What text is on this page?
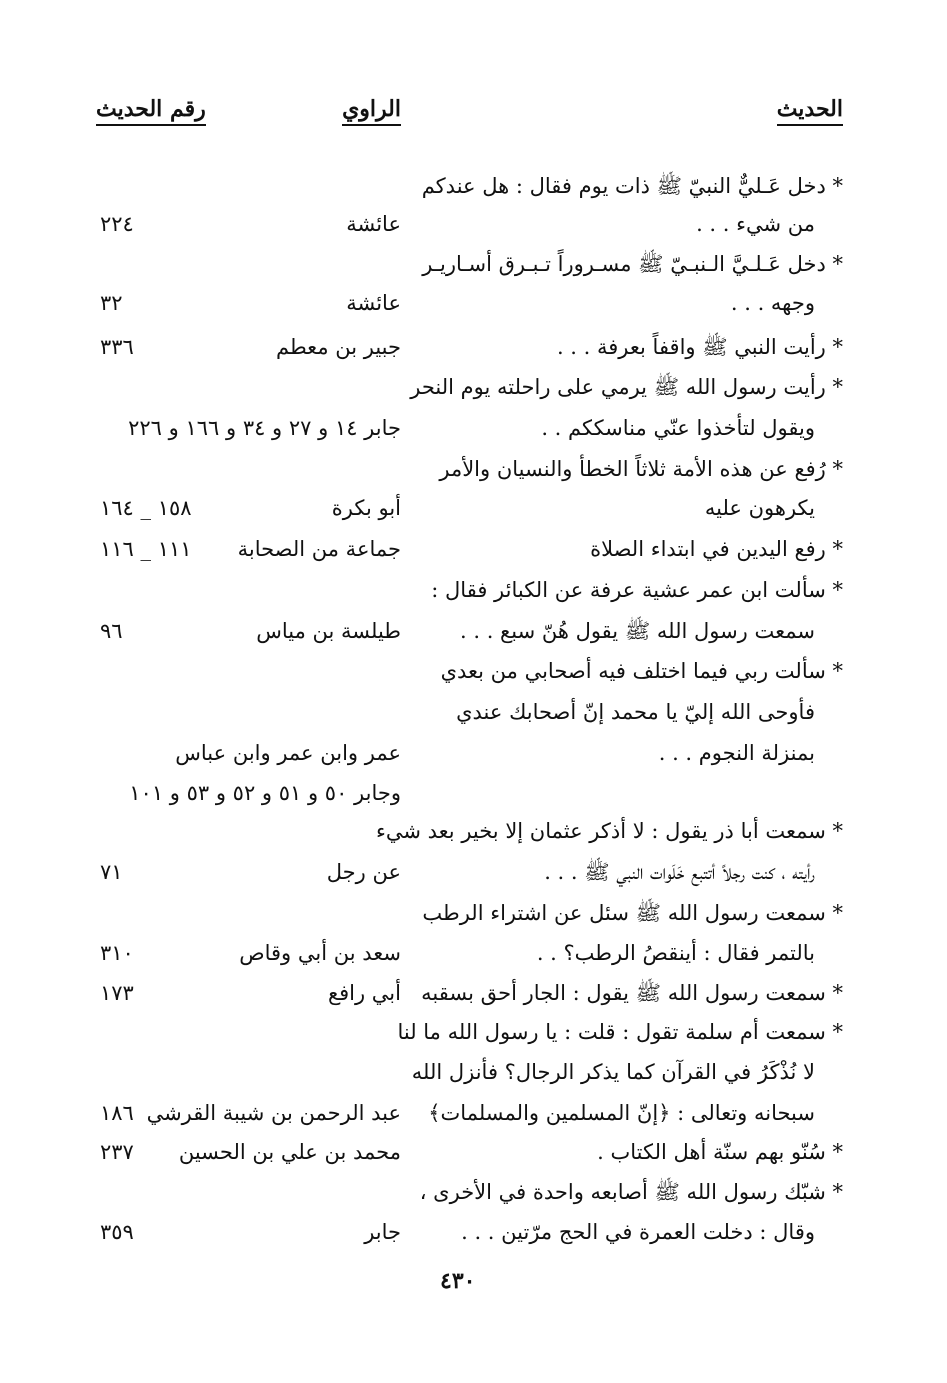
الحديث
الراوي
رقم الحديث
* دخل عَـليٌّ النبيّ ﷺ ذات يوم فقال : هل عندكم
من شيء . . .
عائشة
٢٢٤
* دخل عَـلـيَّ الـنبـيّ ﷺ مسـروراً تـبـرق أسـاريـر
وجهه . . .
عائشة
٣٢
* رأيت النبي ﷺ واقفاً بعرفة . . .
جبير بن معطم
٣٣٦
* رأيت رسول الله ﷺ يرمي على راحلته يوم النحر
ويقول لتأخذوا عنّي مناسككم . .
جابر ١٤ و ٢٧ و ٣٤ و ١٦٦ و ٢٢٦
* رُفع عن هذه الأمة ثلاثاً الخطأ والنسيان والأمر
يكرهون عليه
أبو بكرة
١٥٨ _ ١٦٤
* رفع اليدين في ابتداء الصلاة
جماعة من الصحابة
١١١ _ ١١٦
* سألت ابن عمر عشية عرفة عن الكبائر فقال :
سمعت رسول الله ﷺ يقول هُنّ سبع . . .
طيلسة بن مياس
٩٦
* سألت ربي فيما اختلف فيه أصحابي من بعدي
فأوحى الله إليّ يا محمد إنّ أصحابك عندي
بمنزلة النجوم . . .
عمر وابن عمر وابن عباس
وجابر ٥٠ و ٥١ و ٥٢ و ٥٣ و ١٠١
* سمعت أبا ذر يقول : لا أذكر عثمان إلا بخير بعد شيء
رأيته ، كنت رجلاً أتتبع خَلَوات النبي ﷺ . . .
عن رجل
٧١
* سمعت رسول الله ﷺ سئل عن اشتراء الرطب
بالتمر فقال : أينقصُ الرطب؟ . .
سعد بن أبي وقاص
٣١٠
* سمعت رسول الله ﷺ يقول : الجار أحق بسقبه
أبي رافع
١٧٣
* سمعت أم سلمة تقول : قلت : يا رسول الله ما لنا
لا نُذْكَرُ في القرآن كما يذكر الرجال؟ فأنزل الله
سبحانه وتعالى : ﴿إنّ المسلمين والمسلمات﴾
عبد الرحمن بن شيبة القرشي
١٨٦
* سُنّو بهم سنّة أهل الكتاب .
محمد بن علي بن الحسين
٢٣٧
* شبّك رسول الله ﷺ أصابعه واحدة في الأخرى ،
وقال : دخلت العمرة في الحج مرّتين . . .
جابر
٣٥٩
٤٣٠
